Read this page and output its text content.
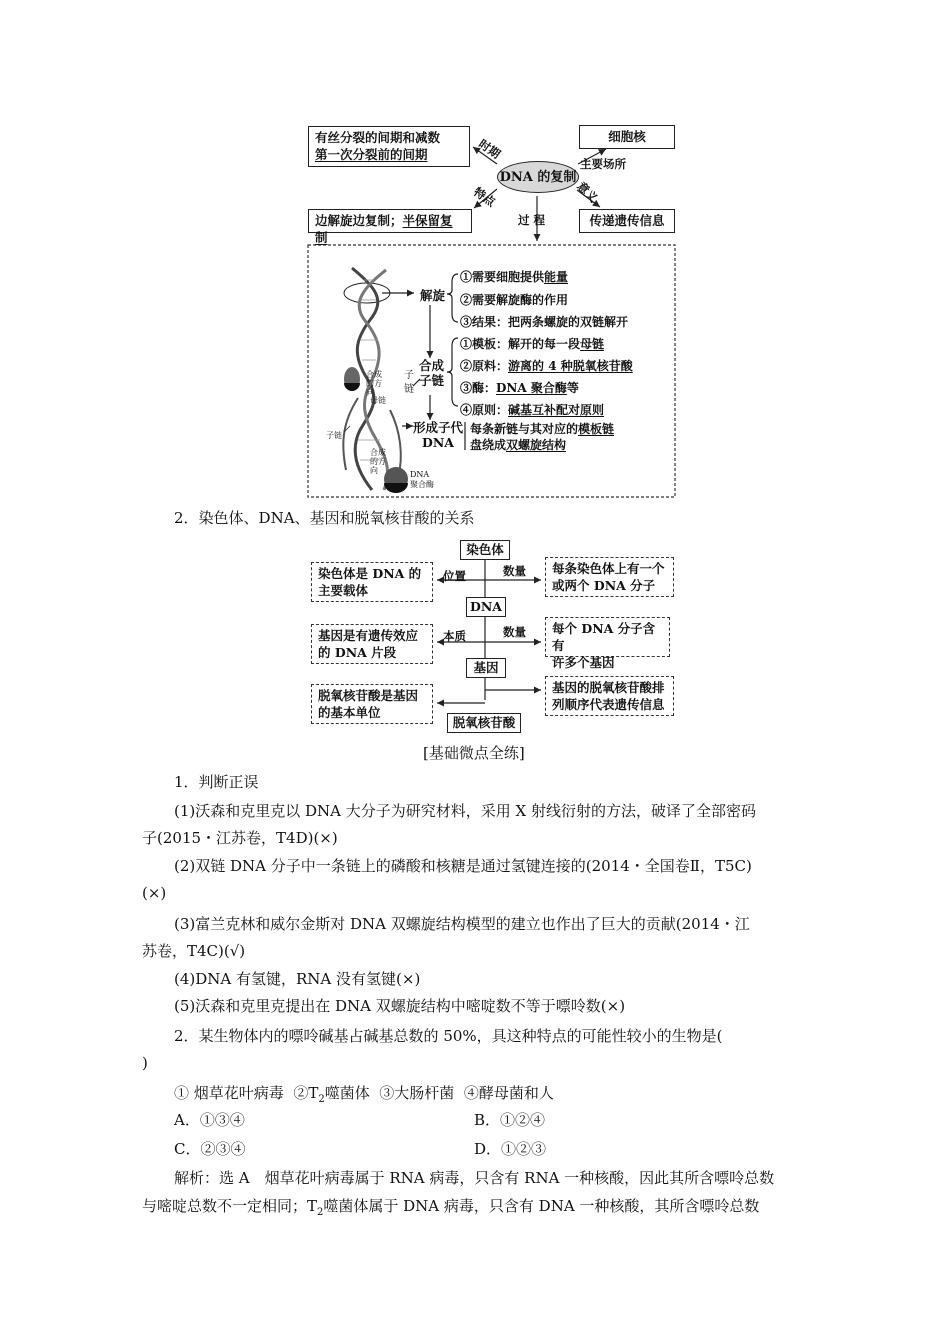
有丝分裂的间期和减数
第一次分裂前的间期
细胞核
DNA 的复制
边解旋边复制；半保留复制
传递遗传信息
时期
主要场所
特点	意义
过 程
解旋
①需要细胞提供能量
②需要解旋酶的作用
③结果：把两条螺旋的双链解开
合成
子链
①模板：解开的每一段母链
②原料：游离的 4 种脱氧核苷酸
③酶：DNA 聚合酶等
④原则：碱基互补配对原则
形成子代
DNA
每条新链与其对应的模板链
盘绕成双螺旋结构
子
链
合成
的方
向
母链
子链
合成
的方
向	DNA
聚合酶
2．染色体、DNA、基因和脱氧核苷酸的关系
染色体
DNA
基因
脱氧核苷酸
位置	数量
本质	数量
染色体是 DNA 的
主要载体
基因是有遗传效应
的 DNA 片段
脱氧核苷酸是基因
的基本单位
每条染色体上有一个
或两个 DNA 分子
每个 DNA 分子含有
许多个基因
基因的脱氧核苷酸排
列顺序代表遗传信息
[基础微点全练]
1．判断正误
(1)沃森和克里克以 DNA 大分子为研究材料，采用 X 射线衍射的方法，破译了全部密码
子(2015・江苏卷，T4D)(×)
(2)双链 DNA 分子中一条链上的磷酸和核糖是通过氢键连接的(2014・全国卷Ⅱ，T5C)
(×)
(3)富兰克林和威尔金斯对 DNA 双螺旋结构模型的建立也作出了巨大的贡献(2014・江
苏卷，T4C)(√)
(4)DNA 有氢键，RNA 没有氢键(×)
(5)沃森和克里克提出在 DNA 双螺旋结构中嘧啶数不等于嘌呤数(×)
2．某生物体内的嘌呤碱基占碱基总数的 50%，具这种特点的可能性较小的生物是(
)
① 烟草花叶病毒 $②T_2$噬菌体 ③大肠杆菌 ④酵母菌和人
A．①③④	B．①②④
C．②③④	D．①②③
解析：选 A　烟草花叶病毒属于 RNA 病毒，只含有 RNA 一种核酸，因此其所含嘌呤总数
与嘧啶总数不一定相同；$T_2$噬菌体属于 DNA 病毒，只含有 DNA 一种核酸，其所含嘌呤总数
